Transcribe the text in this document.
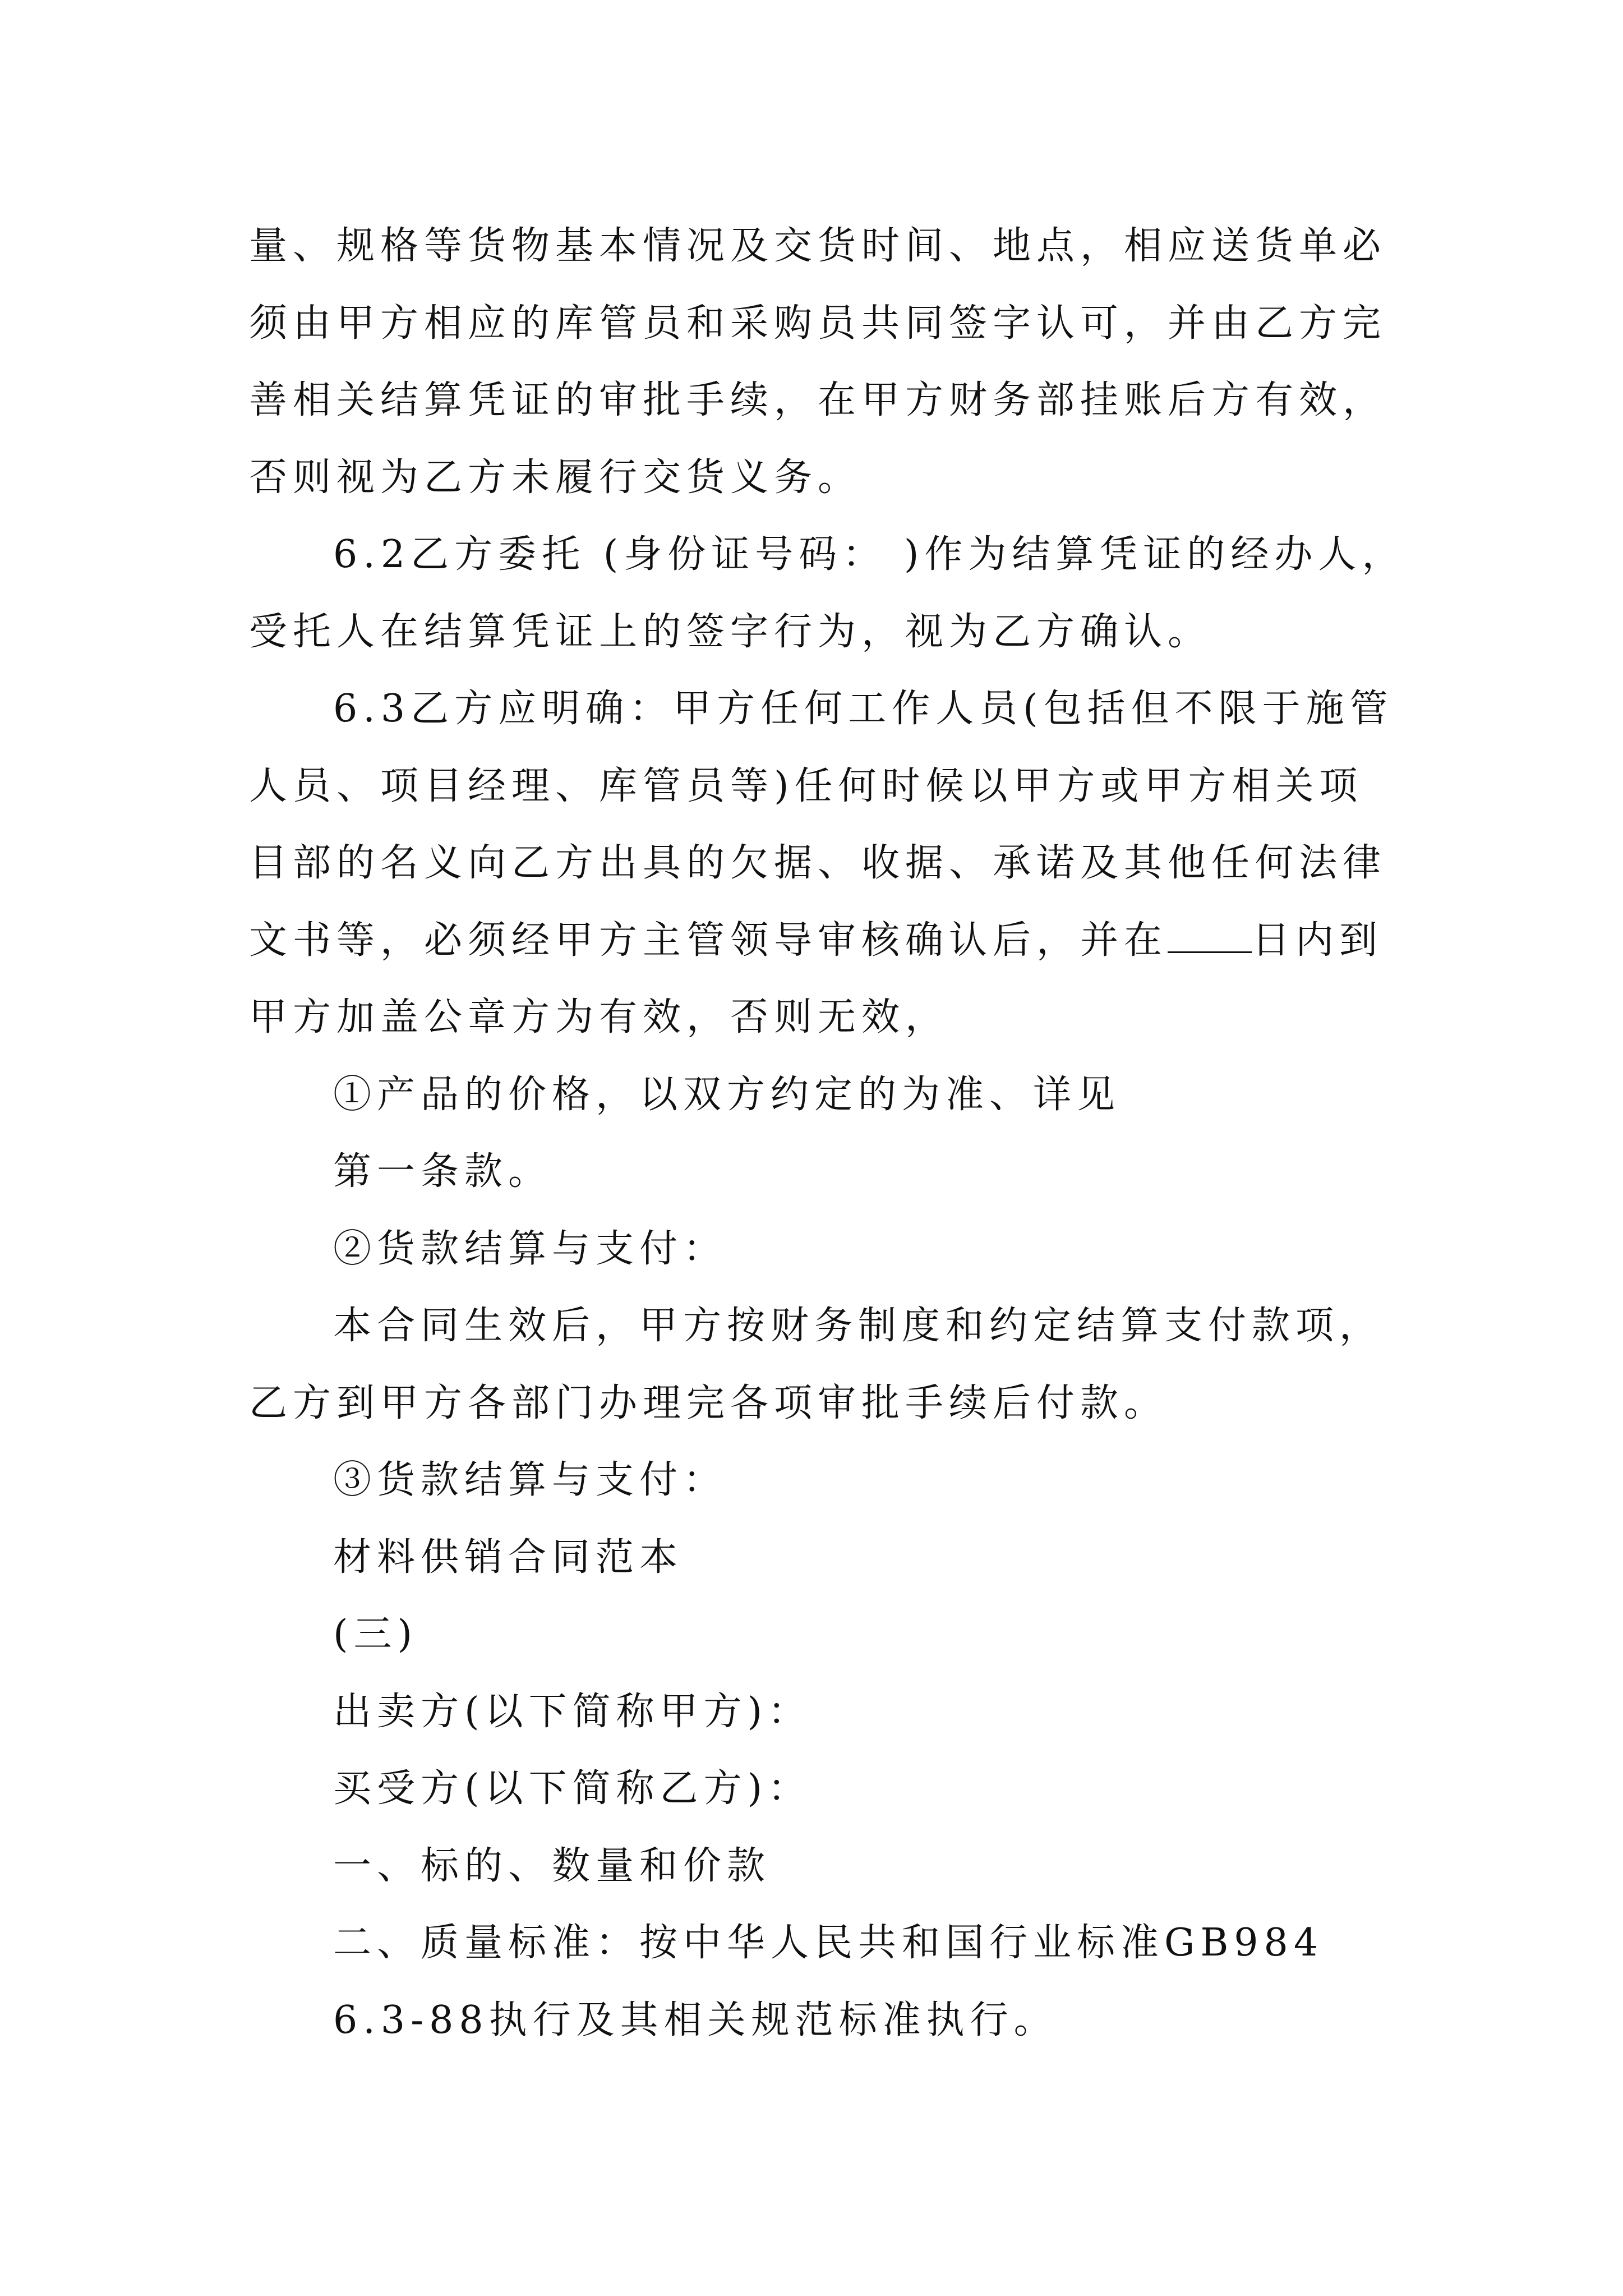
量、规格等货物基本情况及交货时间、地点，相应送货单必
须由甲方相应的库管员和采购员共同签字认可，并由乙方完
善相关结算凭证的审批手续，在甲方财务部挂账后方有效，
否则视为乙方未履行交货义务。
6.2乙方委托 (身份证号码： )作为结算凭证的经办人，
受托人在结算凭证上的签字行为，视为乙方确认。
6.3乙方应明确：甲方任何工作人员(包括但不限于施管
人员、项目经理、库管员等)任何时候以甲方或甲方相关项
目部的名义向乙方出具的欠据、收据、承诺及其他任何法律
文书等，必须经甲方主管领导审核确认后，并在 日内到
甲方加盖公章方为有效，否则无效，
①产品的价格，以双方约定的为准、详见
第一条款。
②货款结算与支付：
本合同生效后，甲方按财务制度和约定结算支付款项，
乙方到甲方各部门办理完各项审批手续后付款。
③货款结算与支付：
材料供销合同范本
(三)
出卖方(以下简称甲方)：
买受方(以下简称乙方)：
一、标的、数量和价款
二、质量标准：按中华人民共和国行业标准GB984
6.3-88执行及其相关规范标准执行。
